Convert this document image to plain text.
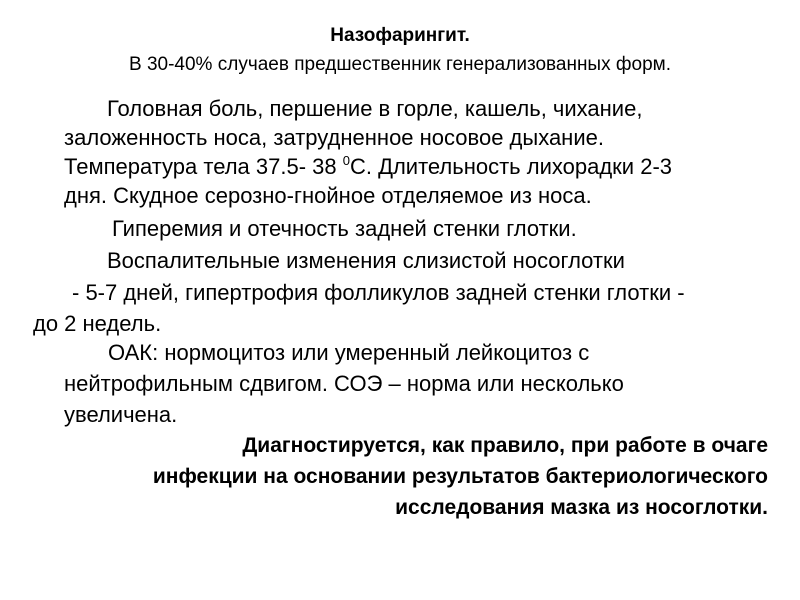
Назофарингит.
В 30-40% случаев предшественник генерализованных форм.
Головная боль, першение в горле, кашель, чихание,
заложенность носа, затрудненное носовое дыхание.
Температура тела 37.5- 38 $^0$С. Длительность лихорадки 2-3
дня. Скудное серозно-гнойное отделяемое из носа.
Гиперемия и отечность задней стенки глотки.
Воспалительные изменения слизистой носоглотки
- 5-7 дней, гипертрофия фолликулов задней стенки глотки -
до 2 недель.
ОАК: нормоцитоз или умеренный лейкоцитоз с
нейтрофильным сдвигом. СОЭ – норма или несколько
увеличена.
Диагностируется, как правило, при работе в очаге
инфекции на основании результатов бактериологического
исследования мазка из носоглотки.
